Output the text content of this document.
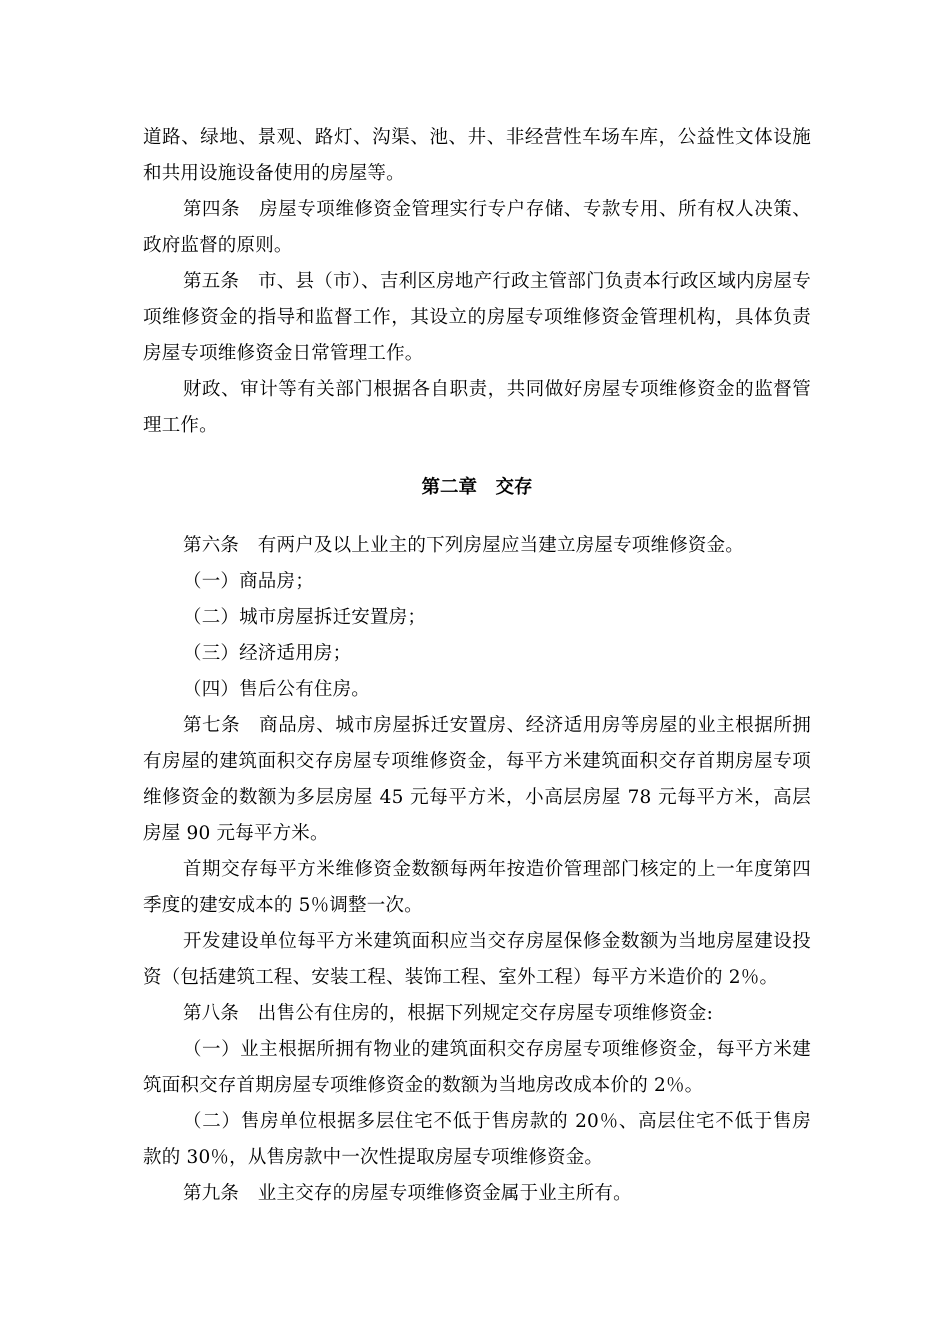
道路、绿地、景观、路灯、沟渠、池、井、非经营性车场车库，公益性文体设施和共用设施设备使用的房屋等。

第四条　房屋专项维修资金管理实行专户存储、专款专用、所有权人决策、政府监督的原则。

第五条　市、县（市）、吉利区房地产行政主管部门负责本行政区域内房屋专项维修资金的指导和监督工作，其设立的房屋专项维修资金管理机构，具体负责房屋专项维修资金日常管理工作。

财政、审计等有关部门根据各自职责，共同做好房屋专项维修资金的监督管理工作。

第二章　交存

第六条　有两户及以上业主的下列房屋应当建立房屋专项维修资金。

（一）商品房；

（二）城市房屋拆迁安置房；

（三）经济适用房；

（四）售后公有住房。

第七条　商品房、城市房屋拆迁安置房、经济适用房等房屋的业主根据所拥有房屋的建筑面积交存房屋专项维修资金，每平方米建筑面积交存首期房屋专项维修资金的数额为多层房屋 45 元每平方米，小高层房屋 78 元每平方米，高层房屋 90 元每平方米。

首期交存每平方米维修资金数额每两年按造价管理部门核定的上一年度第四季度的建安成本的 5％调整一次。

开发建设单位每平方米建筑面积应当交存房屋保修金数额为当地房屋建设投资（包括建筑工程、安装工程、装饰工程、室外工程）每平方米造价的 2％。

第八条　出售公有住房的，根据下列规定交存房屋专项维修资金:

（一）业主根据所拥有物业的建筑面积交存房屋专项维修资金，每平方米建筑面积交存首期房屋专项维修资金的数额为当地房改成本价的 2％。

（二）售房单位根据多层住宅不低于售房款的 20％、高层住宅不低于售房款的 30％，从售房款中一次性提取房屋专项维修资金。

第九条　业主交存的房屋专项维修资金属于业主所有。
